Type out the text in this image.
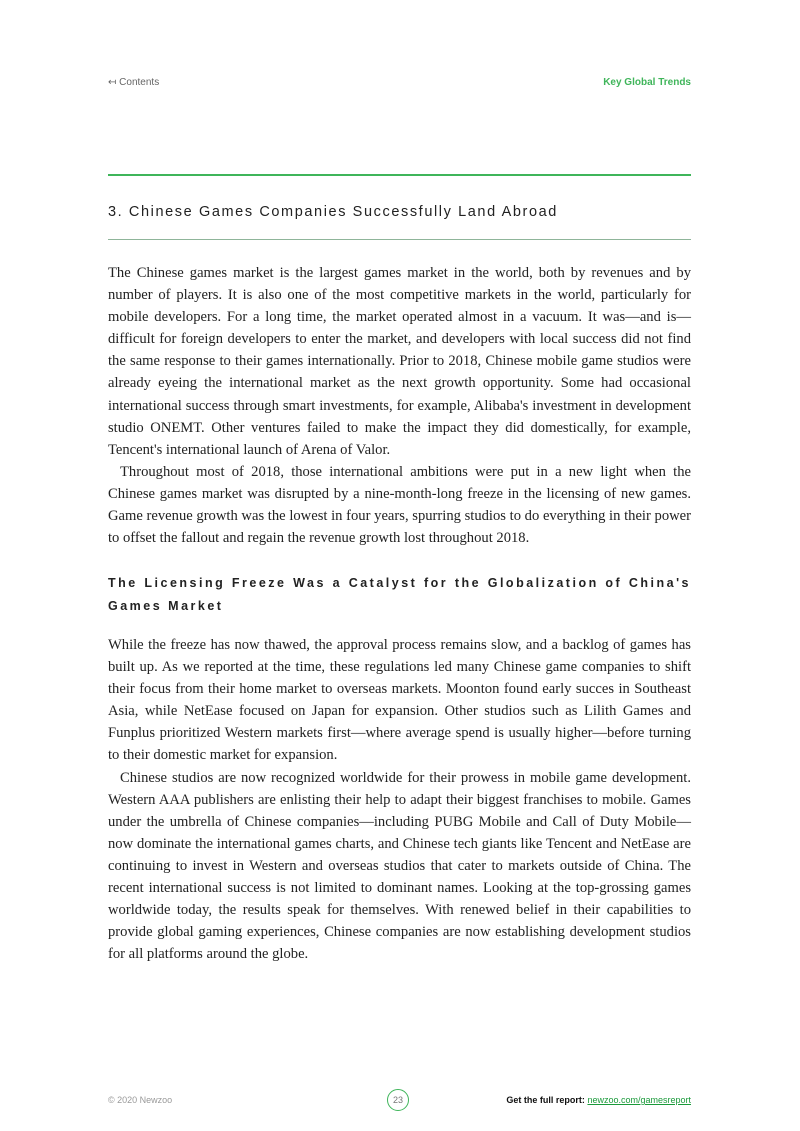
↤ Contents	Key Global Trends
3. Chinese Games Companies Successfully Land Abroad

The Chinese games market is the largest games market in the world, both by revenues and by number of players. It is also one of the most competitive markets in the world, particularly for mobile developers. For a long time, the market operated almost in a vacuum. It was—and is—difficult for foreign developers to enter the market, and developers with local success did not find the same response to their games internationally. Prior to 2018, Chinese mobile game studios were already eyeing the international market as the next growth opportunity. Some had occasional international success through smart investments, for example, Alibaba's investment in development studio ONEMT. Other ventures failed to make the impact they did domestically, for example, Tencent's international launch of Arena of Valor.

Throughout most of 2018, those international ambitions were put in a new light when the Chinese games market was disrupted by a nine-month-long freeze in the licensing of new games. Game revenue growth was the lowest in four years, spurring studios to do everything in their power to offset the fallout and regain the revenue growth lost throughout 2018.

The Licensing Freeze Was a Catalyst for the Globalization of China's Games Market

While the freeze has now thawed, the approval process remains slow, and a backlog of games has built up. As we reported at the time, these regulations led many Chinese game companies to shift their focus from their home market to overseas markets. Moonton found early succes in Southeast Asia, while NetEase focused on Japan for expansion. Other studios such as Lilith Games and Funplus prioritized Western markets first—where average spend is usually higher—before turning to their domestic market for expansion.

Chinese studios are now recognized worldwide for their prowess in mobile game development. Western AAA publishers are enlisting their help to adapt their biggest franchises to mobile. Games under the umbrella of Chinese companies—including PUBG Mobile and Call of Duty Mobile—now dominate the international games charts, and Chinese tech giants like Tencent and NetEase are continuing to invest in Western and overseas studios that cater to markets outside of China. The recent international success is not limited to dominant names. Looking at the top-grossing games worldwide today, the results speak for themselves. With renewed belief in their capabilities to provide global gaming experiences, Chinese companies are now establishing development studios for all platforms around the globe.

© 2020 Newzoo	23	Get the full report: newzoo.com/gamesreport
